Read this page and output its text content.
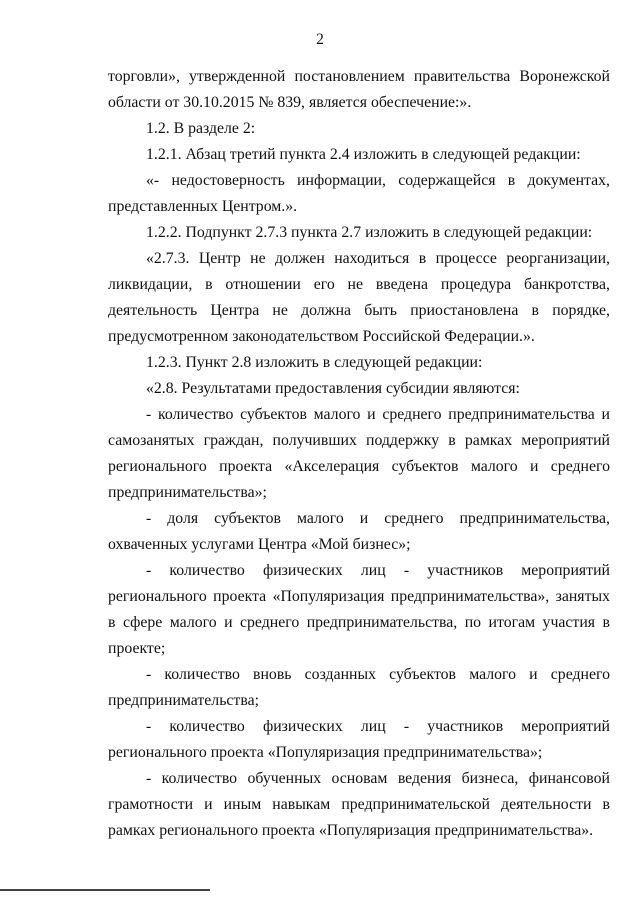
2

торговли», утвержденной постановлением правительства Воронежской области от 30.10.2015 № 839, является обеспечение:».

1.2. В разделе 2:

1.2.1. Абзац третий пункта 2.4 изложить в следующей редакции:

«- недостоверность информации, содержащейся в документах, представленных Центром.».

1.2.2. Подпункт 2.7.3 пункта 2.7 изложить в следующей редакции:

«2.7.3. Центр не должен находиться в процессе реорганизации, ликвидации, в отношении его не введена процедура банкротства, деятельность Центра не должна быть приостановлена в порядке, предусмотренном законодательством Российской Федерации.».

1.2.3. Пункт 2.8 изложить в следующей редакции:

«2.8. Результатами предоставления субсидии являются:

- количество субъектов малого и среднего предпринимательства и самозанятых граждан, получивших поддержку в рамках мероприятий регионального проекта «Акселерация субъектов малого и среднего предпринимательства»;

- доля субъектов малого и среднего предпринимательства, охваченных услугами Центра «Мой бизнес»;

- количество физических лиц - участников мероприятий регионального проекта «Популяризация предпринимательства», занятых в сфере малого и среднего предпринимательства, по итогам участия в проекте;

- количество вновь созданных субъектов малого и среднего предпринимательства;

- количество физических лиц - участников мероприятий регионального проекта «Популяризация предпринимательства»;

- количество обученных основам ведения бизнеса, финансовой грамотности и иным навыкам предпринимательской деятельности в рамках регионального проекта «Популяризация предпринимательства».
